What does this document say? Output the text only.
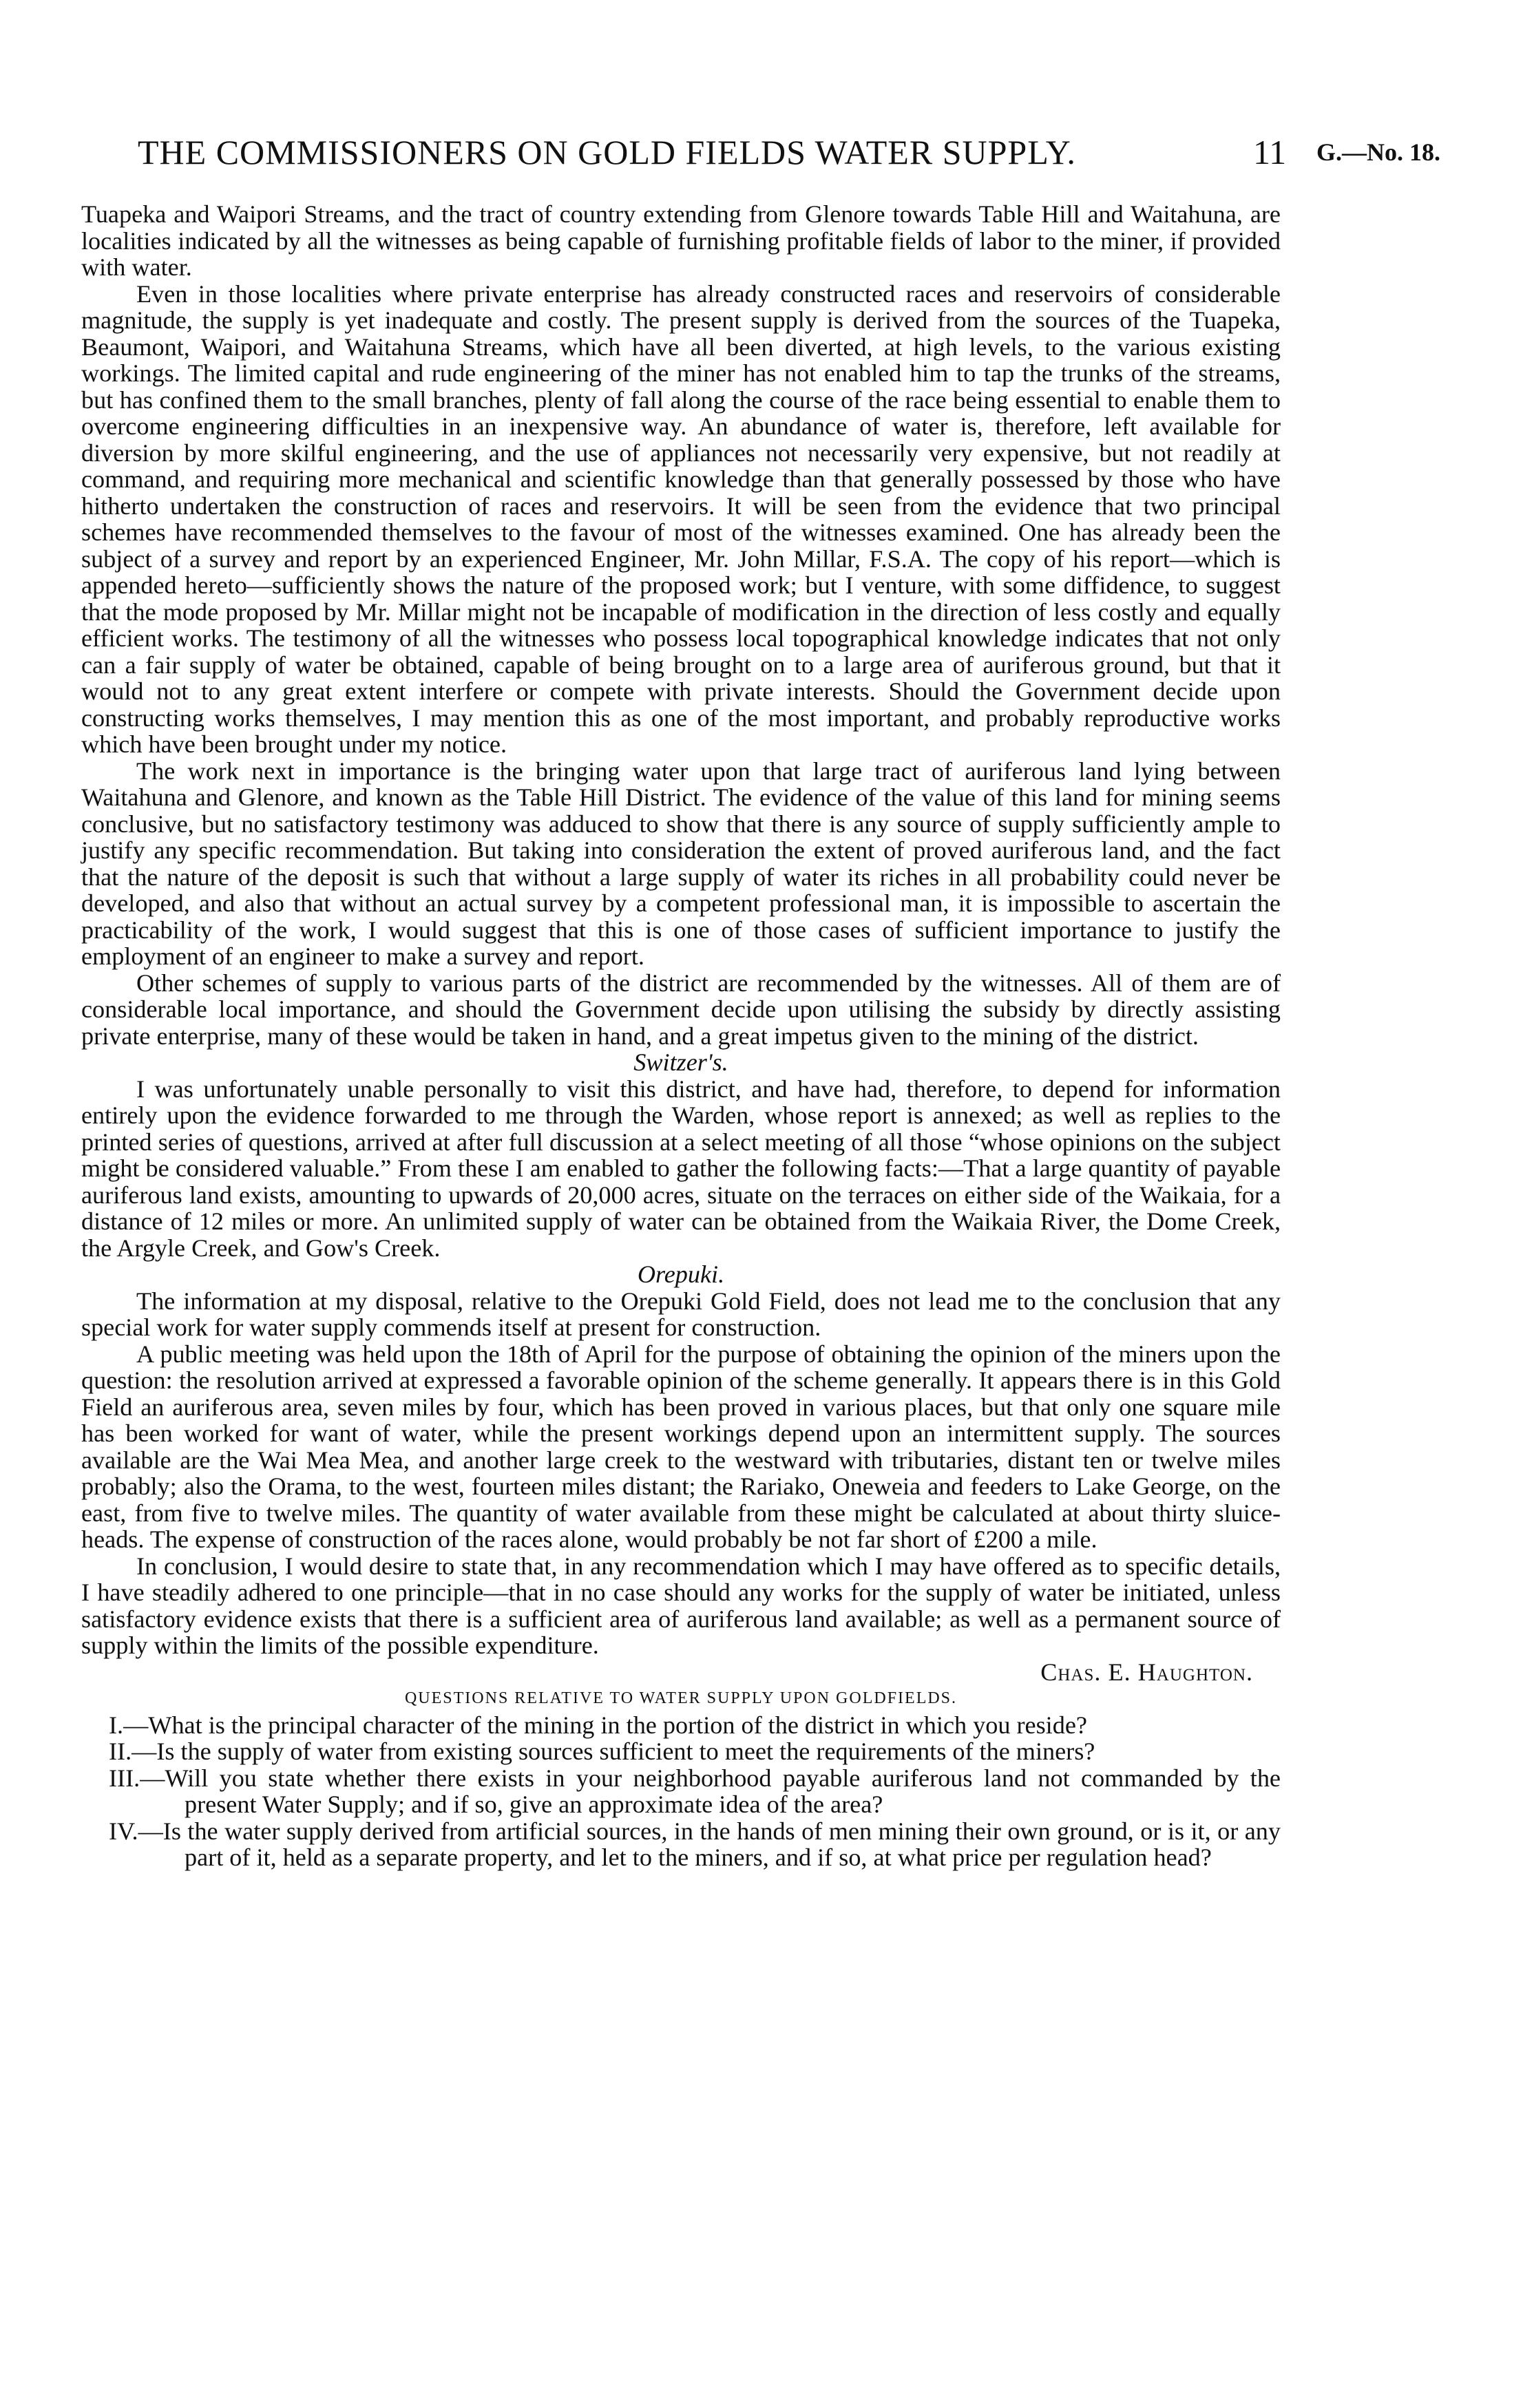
THE COMMISSIONERS ON GOLD FIELDS WATER SUPPLY.	11 G.—No. 18.

Tuapeka and Waipori Streams, and the tract of country extending from Glenore towards Table Hill and Waitahuna, are localities indicated by all the witnesses as being capable of furnishing profitable fields of labor to the miner, if provided with water.

Even in those localities where private enterprise has already constructed races and reservoirs of considerable magnitude, the supply is yet inadequate and costly. The present supply is derived from the sources of the Tuapeka, Beaumont, Waipori, and Waitahuna Streams, which have all been diverted, at high levels, to the various existing workings. The limited capital and rude engineering of the miner has not enabled him to tap the trunks of the streams, but has confined them to the small branches, plenty of fall along the course of the race being essential to enable them to overcome engineering difficulties in an inexpensive way. An abundance of water is, therefore, left available for diversion by more skilful engineering, and the use of appliances not necessarily very expensive, but not readily at command, and requiring more mechanical and scientific knowledge than that generally possessed by those who have hitherto undertaken the construction of races and reservoirs. It will be seen from the evidence that two principal schemes have recommended themselves to the favour of most of the witnesses examined. One has already been the subject of a survey and report by an experienced Engineer, Mr. John Millar, F.S.A. The copy of his report—which is appended hereto—sufficiently shows the nature of the proposed work; but I venture, with some diffidence, to suggest that the mode proposed by Mr. Millar might not be incapable of modification in the direction of less costly and equally efficient works. The testimony of all the witnesses who possess local topographical knowledge indicates that not only can a fair supply of water be obtained, capable of being brought on to a large area of auriferous ground, but that it would not to any great extent interfere or compete with private interests. Should the Government decide upon constructing works themselves, I may mention this as one of the most important, and probably reproductive works which have been brought under my notice.

The work next in importance is the bringing water upon that large tract of auriferous land lying between Waitahuna and Glenore, and known as the Table Hill District. The evidence of the value of this land for mining seems conclusive, but no satisfactory testimony was adduced to show that there is any source of supply sufficiently ample to justify any specific recommendation. But taking into consideration the extent of proved auriferous land, and the fact that the nature of the deposit is such that without a large supply of water its riches in all probability could never be developed, and also that without an actual survey by a competent professional man, it is impossible to ascertain the practicability of the work, I would suggest that this is one of those cases of sufficient importance to justify the employment of an engineer to make a survey and report.

Other schemes of supply to various parts of the district are recommended by the witnesses. All of them are of considerable local importance, and should the Government decide upon utilising the subsidy by directly assisting private enterprise, many of these would be taken in hand, and a great impetus given to the mining of the district.

Switzer's.

I was unfortunately unable personally to visit this district, and have had, therefore, to depend for information entirely upon the evidence forwarded to me through the Warden, whose report is annexed; as well as replies to the printed series of questions, arrived at after full discussion at a select meeting of all those “whose opinions on the subject might be considered valuable.” From these I am enabled to gather the following facts:—That a large quantity of payable auriferous land exists, amounting to upwards of 20,000 acres, situate on the terraces on either side of the Waikaia, for a distance of 12 miles or more. An unlimited supply of water can be obtained from the Waikaia River, the Dome Creek, the Argyle Creek, and Gow's Creek.

Orepuki.

The information at my disposal, relative to the Orepuki Gold Field, does not lead me to the conclusion that any special work for water supply commends itself at present for construction.

A public meeting was held upon the 18th of April for the purpose of obtaining the opinion of the miners upon the question: the resolution arrived at expressed a favorable opinion of the scheme generally. It appears there is in this Gold Field an auriferous area, seven miles by four, which has been proved in various places, but that only one square mile has been worked for want of water, while the present workings depend upon an intermittent supply. The sources available are the Wai Mea Mea, and another large creek to the westward with tributaries, distant ten or twelve miles probably; also the Orama, to the west, fourteen miles distant; the Rariako, Oneweia and feeders to Lake George, on the east, from five to twelve miles. The quantity of water available from these might be calculated at about thirty sluice-heads. The expense of construction of the races alone, would probably be not far short of £200 a mile.

In conclusion, I would desire to state that, in any recommendation which I may have offered as to specific details, I have steadily adhered to one principle—that in no case should any works for the supply of water be initiated, unless satisfactory evidence exists that there is a sufficient area of auriferous land available; as well as a permanent source of supply within the limits of the possible expenditure.

Chas. E. Haughton.

QUESTIONS RELATIVE TO WATER SUPPLY UPON GOLDFIELDS.

I.—What is the principal character of the mining in the portion of the district in which you reside?

II.—Is the supply of water from existing sources sufficient to meet the requirements of the miners?

III.—Will you state whether there exists in your neighborhood payable auriferous land not commanded by the present Water Supply; and if so, give an approximate idea of the area?

IV.—Is the water supply derived from artificial sources, in the hands of men mining their own ground, or is it, or any part of it, held as a separate property, and let to the miners, and if so, at what price per regulation head?
